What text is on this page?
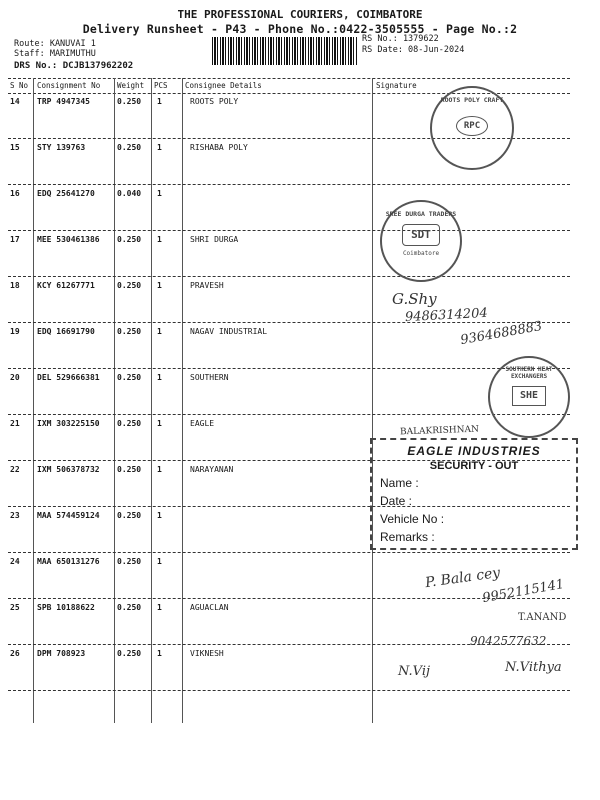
THE PROFESSIONAL COURIERS, COIMBATORE
Delivery Runsheet - P43 - Phone No.:0422-3505555 - Page No.:2
Route: KANUVAI 1
Staff: MARIMUTHU
DRS No.: DCJB137962202
RS No.: 1379622
RS Date: 08-Jun-2024
S No Consignment No Weight PCS Consignee Details	Signature
14 TRP 4947345	0.250 1	ROOTS POLY
15 STY 139763	0.250 1	RISHABA POLY
16 EDQ 25641270	0.040 1
17 MEE 530461386 0.250 1	SHRI DURGA
18 KCY 61267771	0.250 1	PRAVESH
19 EDQ 16691790	0.250 1	NAGAV INDUSTRIAL
20 DEL 529666381 0.250 1	SOUTHERN
21 IXM 303225150 0.250 1	EAGLE
22 IXM 506378732 0.250 1	NARAYANAN
23 MAA 574459124 0.250 1
24 MAA 650131276 0.250 1
25 SPB 10188622	0.250 1	AGUACLAN
26 DPM 708923	0.250 1	VIKNESH
ROOTS POLY CRAFT
RPC
SREE DURGA TRADERS
SDT
Coimbatore
SOUTHERN HEAT EXCHANGERS
SHE
EAGLE INDUSTRIES
SECURITY - OUT
Name :
Date :
Vehicle No :
Remarks :
G.Shy
9486314204
9364688883
BALAKRISHNAN
P. Bala cey
9952115141
T.ANAND
9042577632
N.Vij	N.Vithya
